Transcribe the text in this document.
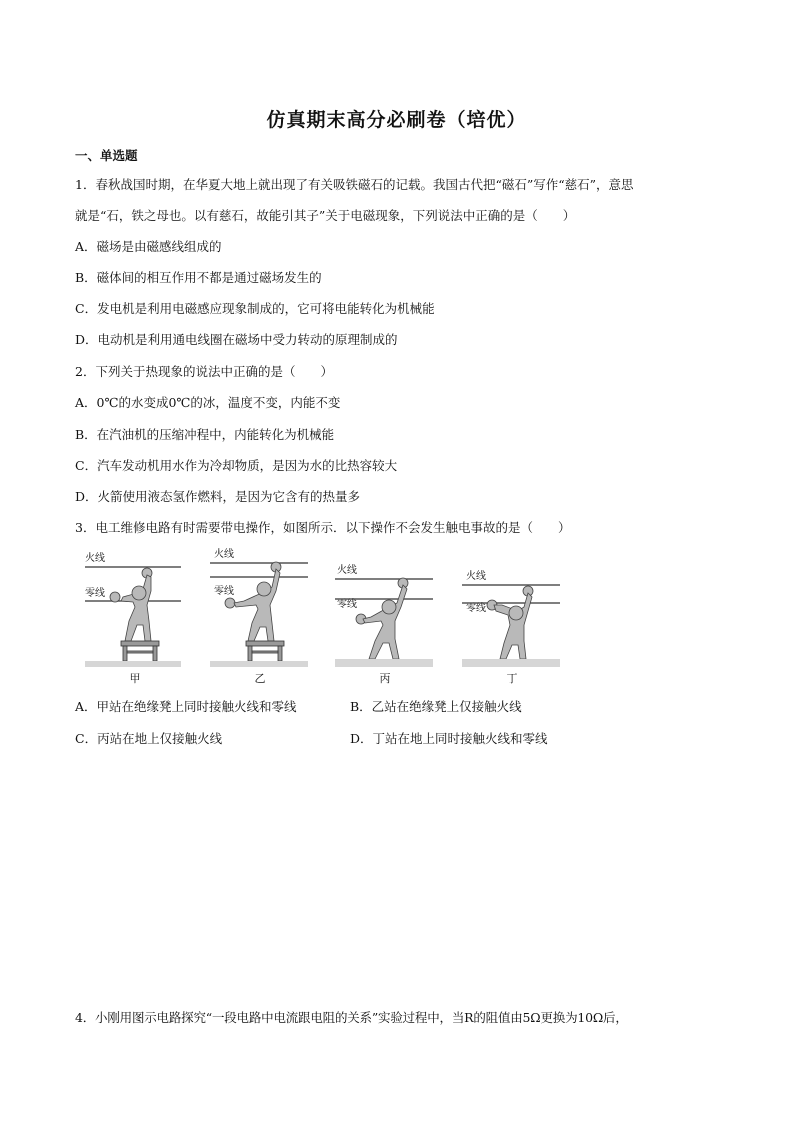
仿真期末高分必刷卷（培优）
一、单选题
1．春秋战国时期，在华夏大地上就出现了有关吸铁磁石的记载。我国古代把“磁石”写作“慈石”，意思
就是“石，铁之母也。以有慈石，故能引其子”关于电磁现象，下列说法中正确的是（　　）
A．磁场是由磁感线组成的
B．磁体间的相互作用不都是通过磁场发生的
C．发电机是利用电磁感应现象制成的，它可将电能转化为机械能
D．电动机是利用通电线圈在磁场中受力转动的原理制成的
2．下列关于热现象的说法中正确的是（　　）
A．0℃的水变成0℃的冰，温度不变，内能不变
B．在汽油机的压缩冲程中，内能转化为机械能
C．汽车发动机用水作为冷却物质，是因为水的比热容较大
D．火箭使用液态氢作燃料，是因为它含有的热量多
3．电工维修电路有时需要带电操作，如图所示．以下操作不会发生触电事故的是（　　）
火线
零线
甲
火线
零线
乙
火线
零线
丙
火线
零线
丁
A．甲站在绝缘凳上同时接触火线和零线	B．乙站在绝缘凳上仅接触火线
C．丙站在地上仅接触火线	D．丁站在地上同时接触火线和零线
4．小刚用图示电路探究“一段电路中电流跟电阻的关系”实验过程中，当R的阻值由5Ω更换为10Ω后，
